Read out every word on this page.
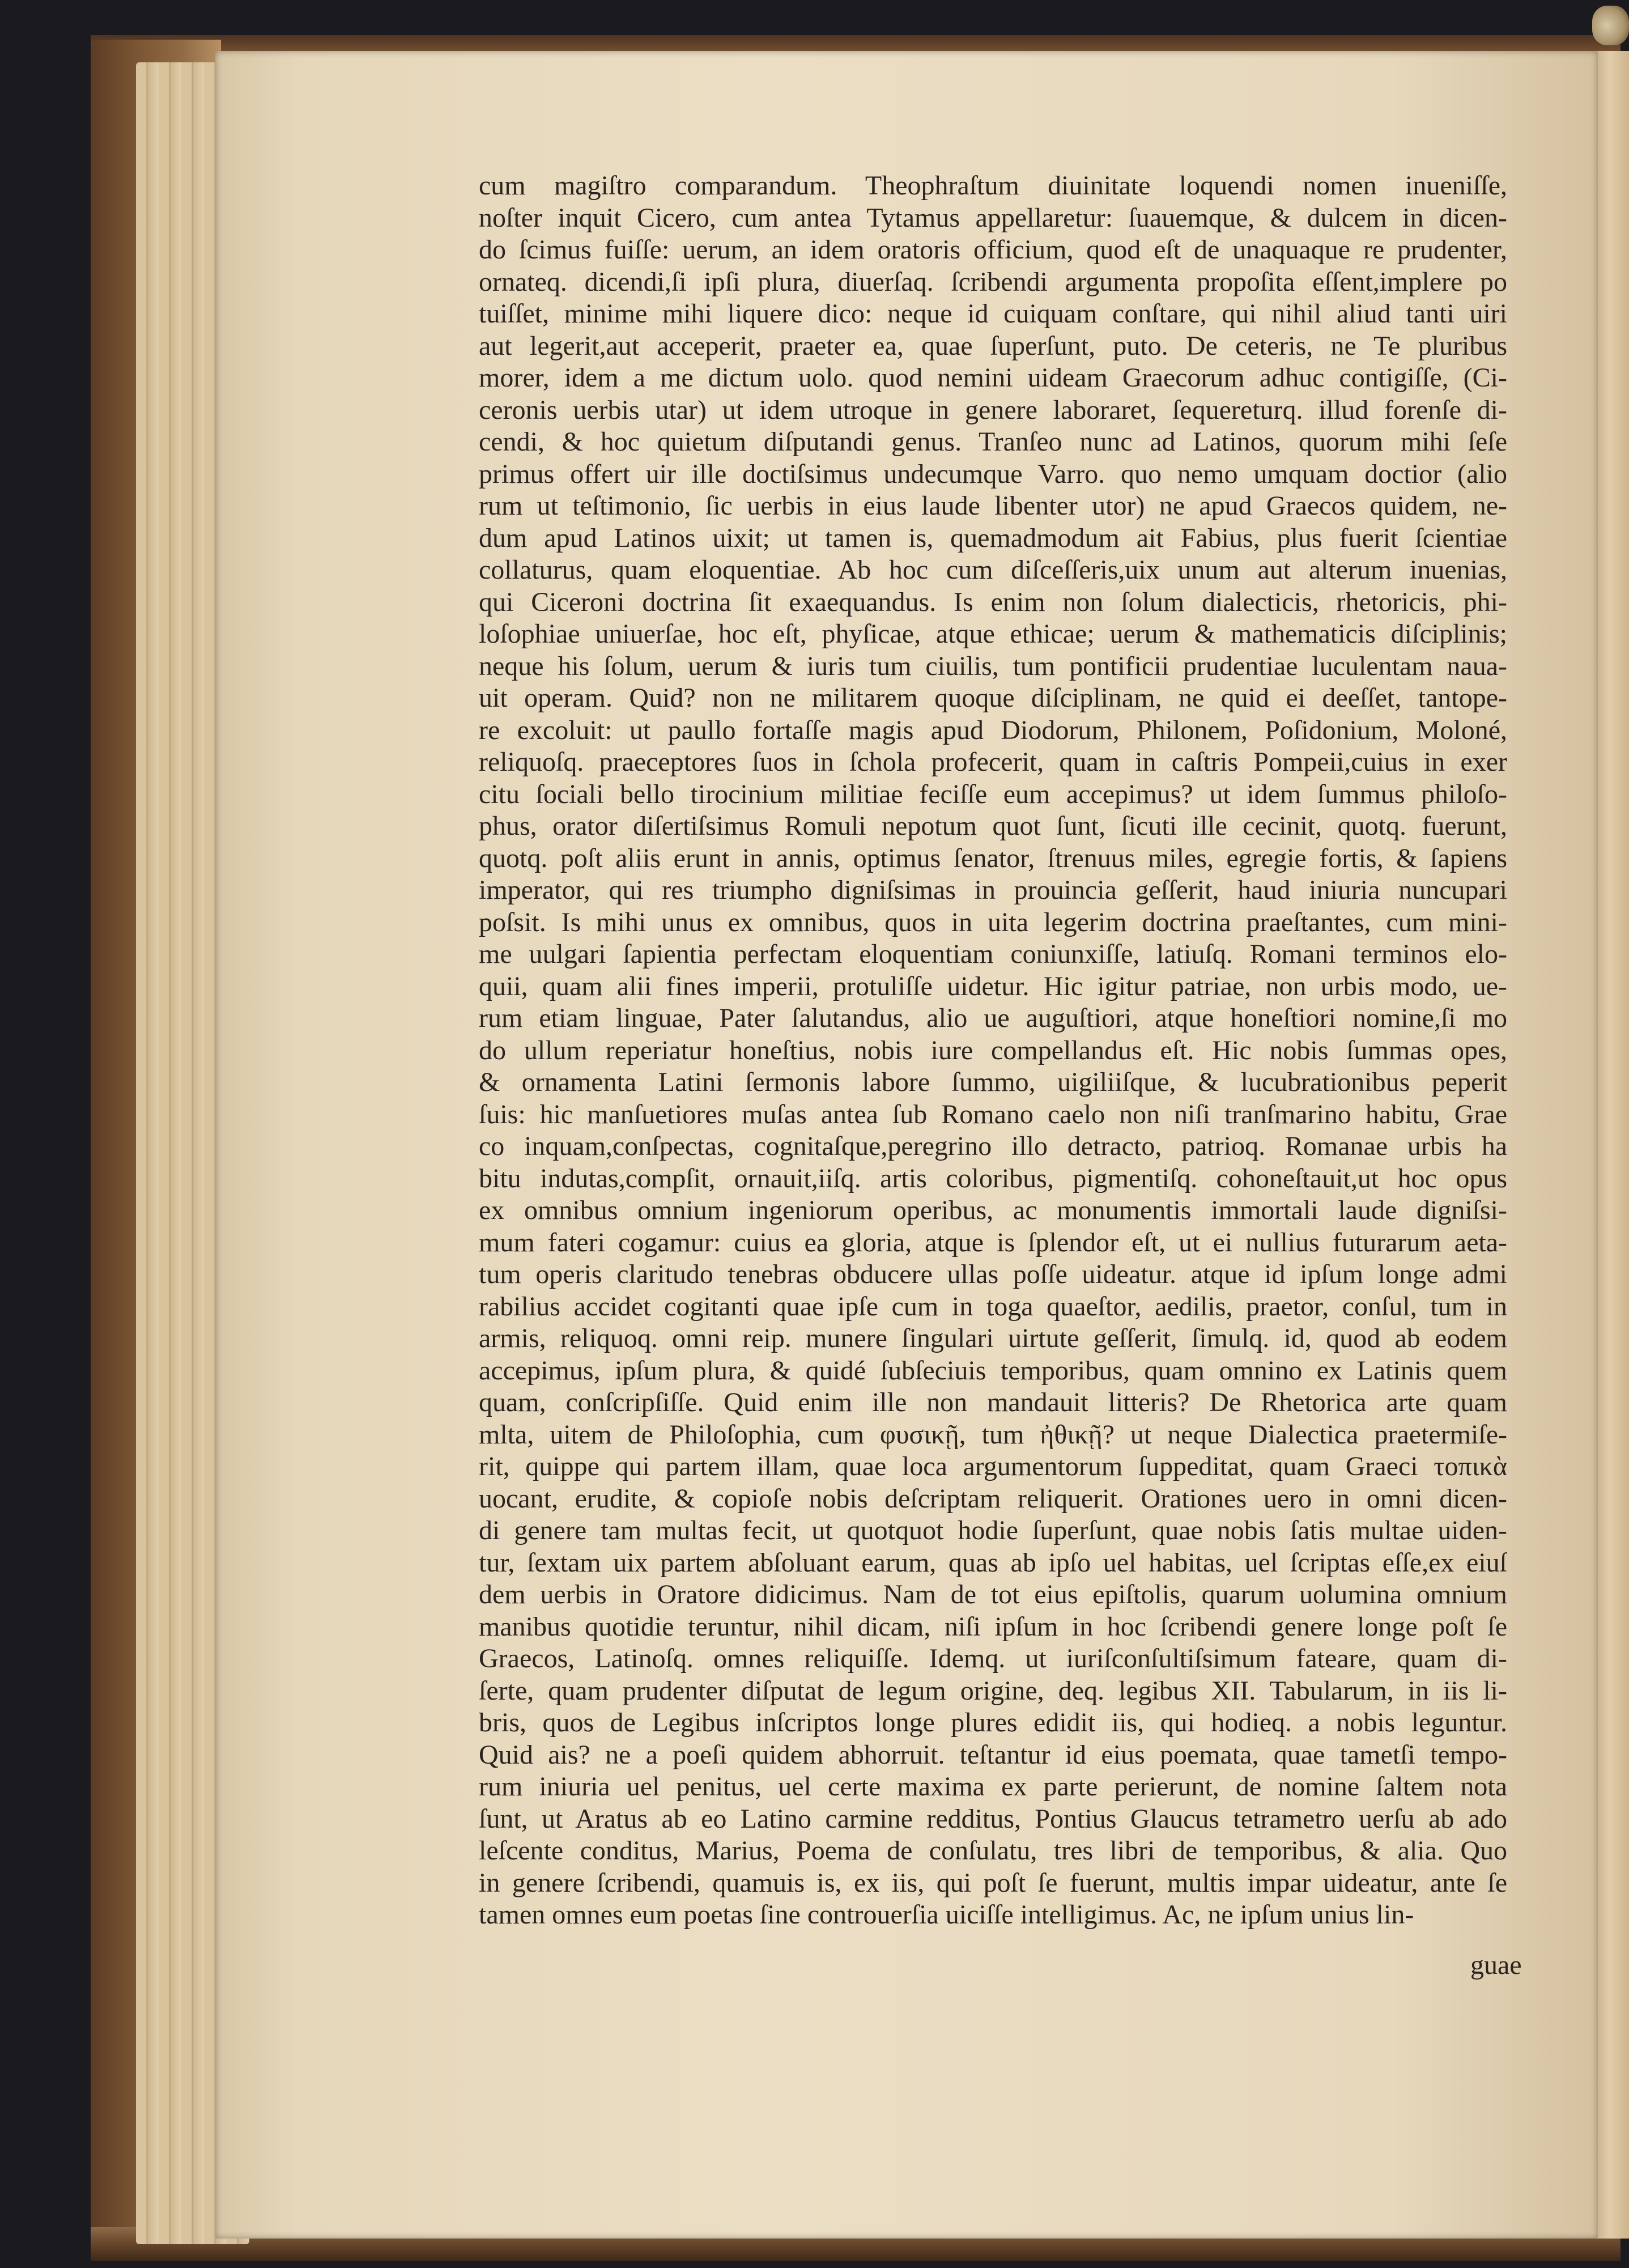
cum magiſtro comparandum. Theophraſtum diuinitate loquendi nomen inueniſſe,
noſter inquit Cicero, cum antea Tytamus appellaretur: ſuauemque, & dulcem in dicen-
do ſcimus fuiſſe: uerum, an idem oratoris officium, quod eſt de unaquaque re prudenter,
ornateq. dicendi,ſi ipſi plura, diuerſaq. ſcribendi argumenta propoſita eſſent,implere po
tuiſſet, minime mihi liquere dico: neque id cuiquam conſtare, qui nihil aliud tanti uiri
aut legerit,aut acceperit, praeter ea, quae ſuperſunt, puto. De ceteris, ne Te pluribus
morer, idem a me dictum uolo. quod nemini uideam Graecorum adhuc contigiſſe, (Ci-
ceronis uerbis utar) ut idem utroque in genere laboraret, ſequereturq. illud forenſe di-
cendi, & hoc quietum diſputandi genus. Tranſeo nunc ad Latinos, quorum mihi ſeſe
primus offert uir ille doctiſsimus undecumque Varro. quo nemo umquam doctior (alio
rum ut teſtimonio, ſic uerbis in eius laude libenter utor) ne apud Graecos quidem, ne-
dum apud Latinos uixit; ut tamen is, quemadmodum ait Fabius, plus fuerit ſcientiae
collaturus, quam eloquentiae. Ab hoc cum diſceſſeris,uix unum aut alterum inuenias,
qui Ciceroni doctrina ſit exaequandus. Is enim non ſolum dialecticis, rhetoricis, phi-
loſophiae uniuerſae, hoc eſt, phyſicae, atque ethicae; uerum & mathematicis diſciplinis;
neque his ſolum, uerum & iuris tum ciuilis, tum pontificii prudentiae luculentam naua-
uit operam. Quid? non ne militarem quoque diſciplinam, ne quid ei deeſſet, tantope-
re excoluit: ut paullo fortaſſe magis apud Diodorum, Philonem, Poſidonium, Moloné,
reliquoſq. praeceptores ſuos in ſchola profecerit, quam in caſtris Pompeii,cuius in exer
citu ſociali bello tirocinium militiae feciſſe eum accepimus? ut idem ſummus philoſo-
phus, orator diſertiſsimus Romuli nepotum quot ſunt, ſicuti ille cecinit, quotq. fuerunt,
quotq. poſt aliis erunt in annis, optimus ſenator, ſtrenuus miles, egregie fortis, & ſapiens
imperator, qui res triumpho digniſsimas in prouincia geſſerit, haud iniuria nuncupari
poſsit. Is mihi unus ex omnibus, quos in uita legerim doctrina praeſtantes, cum mini-
me uulgari ſapientia perfectam eloquentiam coniunxiſſe, latiuſq. Romani terminos elo-
quii, quam alii fines imperii, protuliſſe uidetur. Hic igitur patriae, non urbis modo, ue-
rum etiam linguae, Pater ſalutandus, alio ue auguſtiori, atque honeſtiori nomine,ſi mo
do ullum reperiatur honeſtius, nobis iure compellandus eſt. Hic nobis ſummas opes,
& ornamenta Latini ſermonis labore ſummo, uigiliiſque, & lucubrationibus peperit
ſuis: hic manſuetiores muſas antea ſub Romano caelo non niſi tranſmarino habitu, Grae
co inquam,conſpectas, cognitaſque,peregrino illo detracto, patrioq. Romanae urbis ha
bitu indutas,compſit, ornauit,iiſq. artis coloribus, pigmentiſq. cohoneſtauit,ut hoc opus
ex omnibus omnium ingeniorum operibus, ac monumentis immortali laude digniſsi-
mum fateri cogamur: cuius ea gloria, atque is ſplendor eſt, ut ei nullius futurarum aeta-
tum operis claritudo tenebras obducere ullas poſſe uideatur. atque id ipſum longe admi
rabilius accidet cogitanti quae ipſe cum in toga quaeſtor, aedilis, praetor, conſul, tum in
armis, reliquoq. omni reip. munere ſingulari uirtute geſſerit, ſimulq. id, quod ab eodem
accepimus, ipſum plura, & quidé ſubſeciuis temporibus, quam omnino ex Latinis quem
quam, conſcripſiſſe. Quid enim ille non mandauit litteris? De Rhetorica arte quam
mlta, uitem de Philoſophia, cum φυσικῇ, tum ἠθικῇ? ut neque Dialectica praetermiſe-
rit, quippe qui partem illam, quae loca argumentorum ſuppeditat, quam Graeci τοπικὰ
uocant, erudite, & copioſe nobis deſcriptam reliquerit. Orationes uero in omni dicen-
di genere tam multas fecit, ut quotquot hodie ſuperſunt, quae nobis ſatis multae uiden-
tur, ſextam uix partem abſoluant earum, quas ab ipſo uel habitas, uel ſcriptas eſſe,ex eiuſ
dem uerbis in Oratore didicimus. Nam de tot eius epiſtolis, quarum uolumina omnium
manibus quotidie teruntur, nihil dicam, niſi ipſum in hoc ſcribendi genere longe poſt ſe
Graecos, Latinoſq. omnes reliquiſſe. Idemq. ut iuriſconſultiſsimum fateare, quam di-
ſerte, quam prudenter diſputat de legum origine, deq. legibus XII. Tabularum, in iis li-
bris, quos de Legibus inſcriptos longe plures edidit iis, qui hodieq. a nobis leguntur.
Quid ais? ne a poeſi quidem abhorruit. teſtantur id eius poemata, quae tametſi tempo-
rum iniuria uel penitus, uel certe maxima ex parte perierunt, de nomine ſaltem nota
ſunt, ut Aratus ab eo Latino carmine redditus, Pontius Glaucus tetrametro uerſu ab ado
leſcente conditus, Marius, Poema de conſulatu, tres libri de temporibus, & alia. Quo
in genere ſcribendi, quamuis is, ex iis, qui poſt ſe fuerunt, multis impar uideatur, ante ſe
tamen omnes eum poetas ſine controuerſia uiciſſe intelligimus. Ac, ne ipſum unius lin-
guae
